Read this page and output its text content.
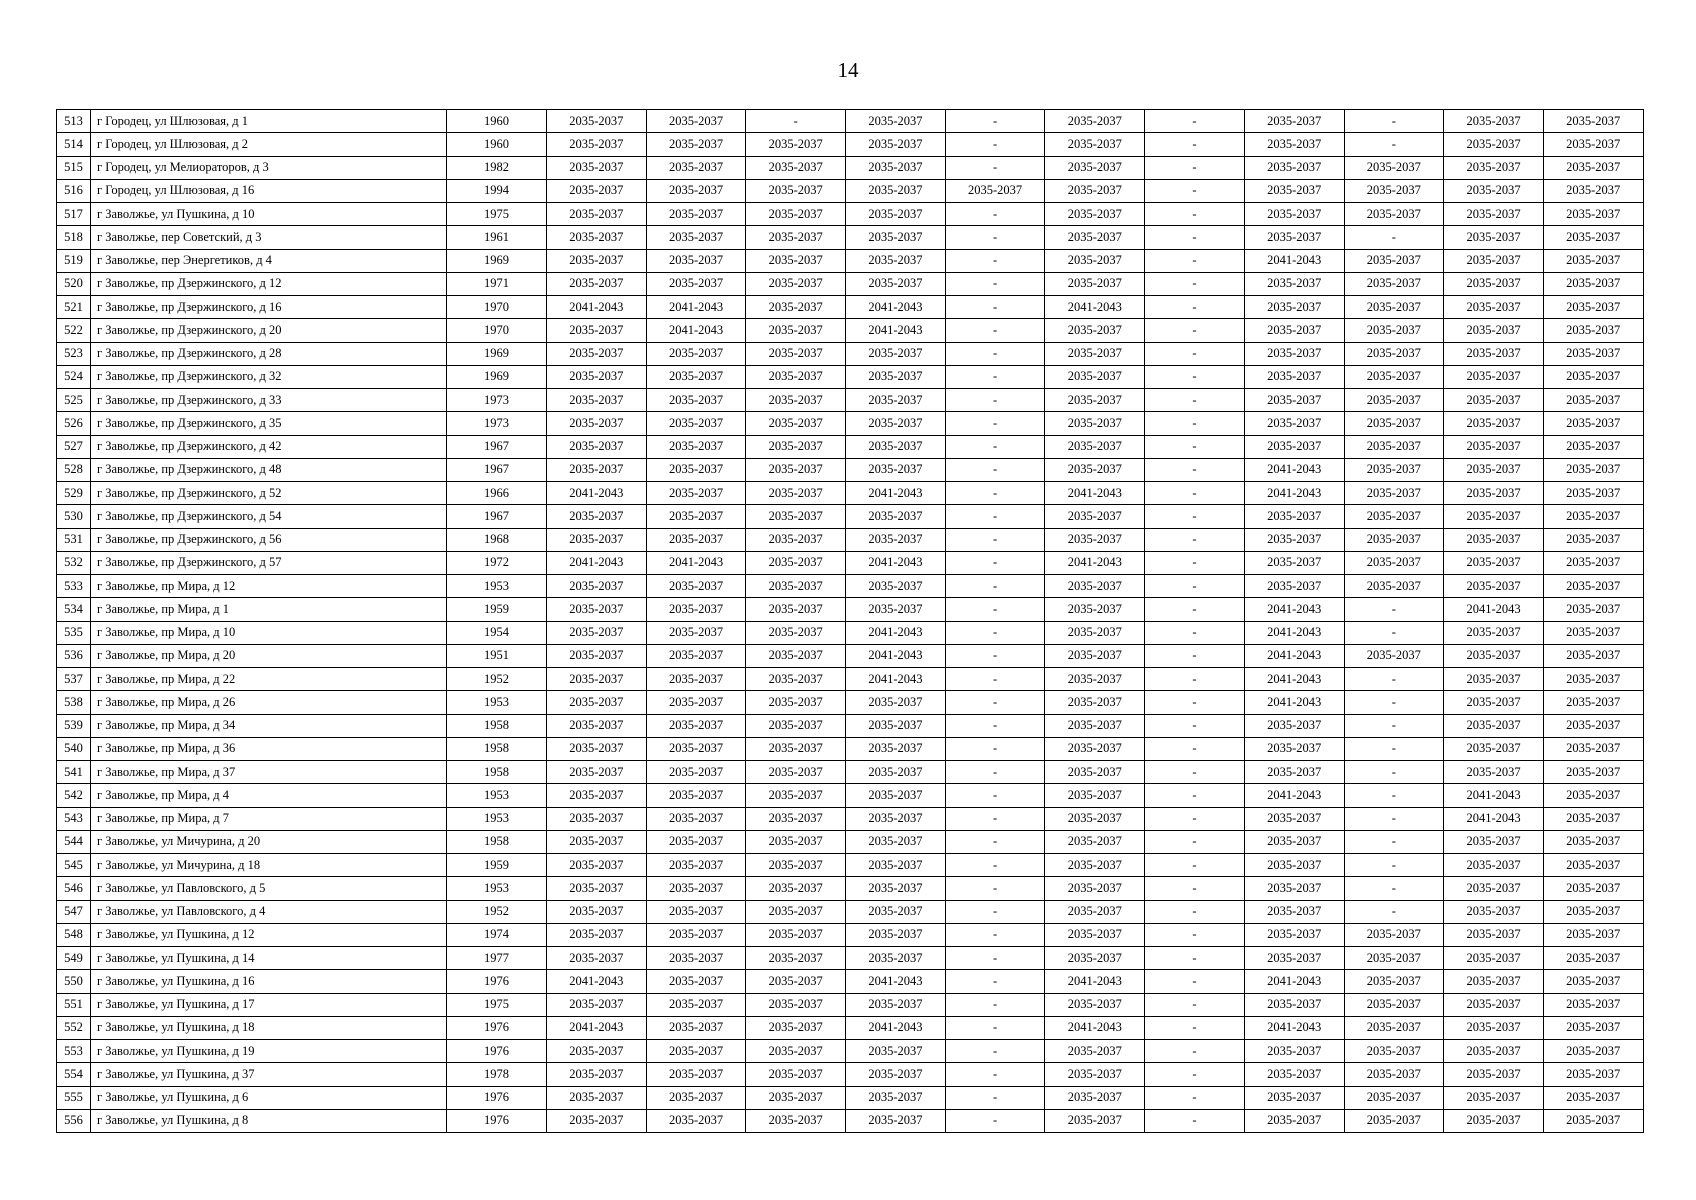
14
513	г Городец, ул Шлюзовая, д 1	1960	2035-2037	2035-2037	-	2035-2037	-	2035-2037	-	2035-2037	-	2035-2037	2035-2037
514	г Городец, ул Шлюзовая, д 2	1960	2035-2037	2035-2037	2035-2037	2035-2037	-	2035-2037	-	2035-2037	-	2035-2037	2035-2037
515	г Городец, ул Мелиораторов, д 3	1982	2035-2037	2035-2037	2035-2037	2035-2037	-	2035-2037	-	2035-2037	2035-2037	2035-2037	2035-2037
516	г Городец, ул Шлюзовая, д 16	1994	2035-2037	2035-2037	2035-2037	2035-2037	2035-2037	2035-2037	-	2035-2037	2035-2037	2035-2037	2035-2037
517	г Заволжье, ул Пушкина, д 10	1975	2035-2037	2035-2037	2035-2037	2035-2037	-	2035-2037	-	2035-2037	2035-2037	2035-2037	2035-2037
518	г Заволжье, пер Советский, д 3	1961	2035-2037	2035-2037	2035-2037	2035-2037	-	2035-2037	-	2035-2037	-	2035-2037	2035-2037
519	г Заволжье, пер Энергетиков, д 4	1969	2035-2037	2035-2037	2035-2037	2035-2037	-	2035-2037	-	2041-2043	2035-2037	2035-2037	2035-2037
520	г Заволжье, пр Дзержинского, д 12	1971	2035-2037	2035-2037	2035-2037	2035-2037	-	2035-2037	-	2035-2037	2035-2037	2035-2037	2035-2037
521	г Заволжье, пр Дзержинского, д 16	1970	2041-2043	2041-2043	2035-2037	2041-2043	-	2041-2043	-	2035-2037	2035-2037	2035-2037	2035-2037
522	г Заволжье, пр Дзержинского, д 20	1970	2035-2037	2041-2043	2035-2037	2041-2043	-	2035-2037	-	2035-2037	2035-2037	2035-2037	2035-2037
523	г Заволжье, пр Дзержинского, д 28	1969	2035-2037	2035-2037	2035-2037	2035-2037	-	2035-2037	-	2035-2037	2035-2037	2035-2037	2035-2037
524	г Заволжье, пр Дзержинского, д 32	1969	2035-2037	2035-2037	2035-2037	2035-2037	-	2035-2037	-	2035-2037	2035-2037	2035-2037	2035-2037
525	г Заволжье, пр Дзержинского, д 33	1973	2035-2037	2035-2037	2035-2037	2035-2037	-	2035-2037	-	2035-2037	2035-2037	2035-2037	2035-2037
526	г Заволжье, пр Дзержинского, д 35	1973	2035-2037	2035-2037	2035-2037	2035-2037	-	2035-2037	-	2035-2037	2035-2037	2035-2037	2035-2037
527	г Заволжье, пр Дзержинского, д 42	1967	2035-2037	2035-2037	2035-2037	2035-2037	-	2035-2037	-	2035-2037	2035-2037	2035-2037	2035-2037
528	г Заволжье, пр Дзержинского, д 48	1967	2035-2037	2035-2037	2035-2037	2035-2037	-	2035-2037	-	2041-2043	2035-2037	2035-2037	2035-2037
529	г Заволжье, пр Дзержинского, д 52	1966	2041-2043	2035-2037	2035-2037	2041-2043	-	2041-2043	-	2041-2043	2035-2037	2035-2037	2035-2037
530	г Заволжье, пр Дзержинского, д 54	1967	2035-2037	2035-2037	2035-2037	2035-2037	-	2035-2037	-	2035-2037	2035-2037	2035-2037	2035-2037
531	г Заволжье, пр Дзержинского, д 56	1968	2035-2037	2035-2037	2035-2037	2035-2037	-	2035-2037	-	2035-2037	2035-2037	2035-2037	2035-2037
532	г Заволжье, пр Дзержинского, д 57	1972	2041-2043	2041-2043	2035-2037	2041-2043	-	2041-2043	-	2035-2037	2035-2037	2035-2037	2035-2037
533	г Заволжье, пр Мира, д 12	1953	2035-2037	2035-2037	2035-2037	2035-2037	-	2035-2037	-	2035-2037	2035-2037	2035-2037	2035-2037
534	г Заволжье, пр Мира, д 1	1959	2035-2037	2035-2037	2035-2037	2035-2037	-	2035-2037	-	2041-2043	-	2041-2043	2035-2037
535	г Заволжье, пр Мира, д 10	1954	2035-2037	2035-2037	2035-2037	2041-2043	-	2035-2037	-	2041-2043	-	2035-2037	2035-2037
536	г Заволжье, пр Мира, д 20	1951	2035-2037	2035-2037	2035-2037	2041-2043	-	2035-2037	-	2041-2043	2035-2037	2035-2037	2035-2037
537	г Заволжье, пр Мира, д 22	1952	2035-2037	2035-2037	2035-2037	2041-2043	-	2035-2037	-	2041-2043	-	2035-2037	2035-2037
538	г Заволжье, пр Мира, д 26	1953	2035-2037	2035-2037	2035-2037	2035-2037	-	2035-2037	-	2041-2043	-	2035-2037	2035-2037
539	г Заволжье, пр Мира, д 34	1958	2035-2037	2035-2037	2035-2037	2035-2037	-	2035-2037	-	2035-2037	-	2035-2037	2035-2037
540	г Заволжье, пр Мира, д 36	1958	2035-2037	2035-2037	2035-2037	2035-2037	-	2035-2037	-	2035-2037	-	2035-2037	2035-2037
541	г Заволжье, пр Мира, д 37	1958	2035-2037	2035-2037	2035-2037	2035-2037	-	2035-2037	-	2035-2037	-	2035-2037	2035-2037
542	г Заволжье, пр Мира, д 4	1953	2035-2037	2035-2037	2035-2037	2035-2037	-	2035-2037	-	2041-2043	-	2041-2043	2035-2037
543	г Заволжье, пр Мира, д 7	1953	2035-2037	2035-2037	2035-2037	2035-2037	-	2035-2037	-	2035-2037	-	2041-2043	2035-2037
544	г Заволжье, ул Мичурина, д 20	1958	2035-2037	2035-2037	2035-2037	2035-2037	-	2035-2037	-	2035-2037	-	2035-2037	2035-2037
545	г Заволжье, ул Мичурина, д 18	1959	2035-2037	2035-2037	2035-2037	2035-2037	-	2035-2037	-	2035-2037	-	2035-2037	2035-2037
546	г Заволжье, ул Павловского, д 5	1953	2035-2037	2035-2037	2035-2037	2035-2037	-	2035-2037	-	2035-2037	-	2035-2037	2035-2037
547	г Заволжье, ул Павловского, д 4	1952	2035-2037	2035-2037	2035-2037	2035-2037	-	2035-2037	-	2035-2037	-	2035-2037	2035-2037
548	г Заволжье, ул Пушкина, д 12	1974	2035-2037	2035-2037	2035-2037	2035-2037	-	2035-2037	-	2035-2037	2035-2037	2035-2037	2035-2037
549	г Заволжье, ул Пушкина, д 14	1977	2035-2037	2035-2037	2035-2037	2035-2037	-	2035-2037	-	2035-2037	2035-2037	2035-2037	2035-2037
550	г Заволжье, ул Пушкина, д 16	1976	2041-2043	2035-2037	2035-2037	2041-2043	-	2041-2043	-	2041-2043	2035-2037	2035-2037	2035-2037
551	г Заволжье, ул Пушкина, д 17	1975	2035-2037	2035-2037	2035-2037	2035-2037	-	2035-2037	-	2035-2037	2035-2037	2035-2037	2035-2037
552	г Заволжье, ул Пушкина, д 18	1976	2041-2043	2035-2037	2035-2037	2041-2043	-	2041-2043	-	2041-2043	2035-2037	2035-2037	2035-2037
553	г Заволжье, ул Пушкина, д 19	1976	2035-2037	2035-2037	2035-2037	2035-2037	-	2035-2037	-	2035-2037	2035-2037	2035-2037	2035-2037
554	г Заволжье, ул Пушкина, д 37	1978	2035-2037	2035-2037	2035-2037	2035-2037	-	2035-2037	-	2035-2037	2035-2037	2035-2037	2035-2037
555	г Заволжье, ул Пушкина, д 6	1976	2035-2037	2035-2037	2035-2037	2035-2037	-	2035-2037	-	2035-2037	2035-2037	2035-2037	2035-2037
556	г Заволжье, ул Пушкина, д 8	1976	2035-2037	2035-2037	2035-2037	2035-2037	-	2035-2037	-	2035-2037	2035-2037	2035-2037	2035-2037
